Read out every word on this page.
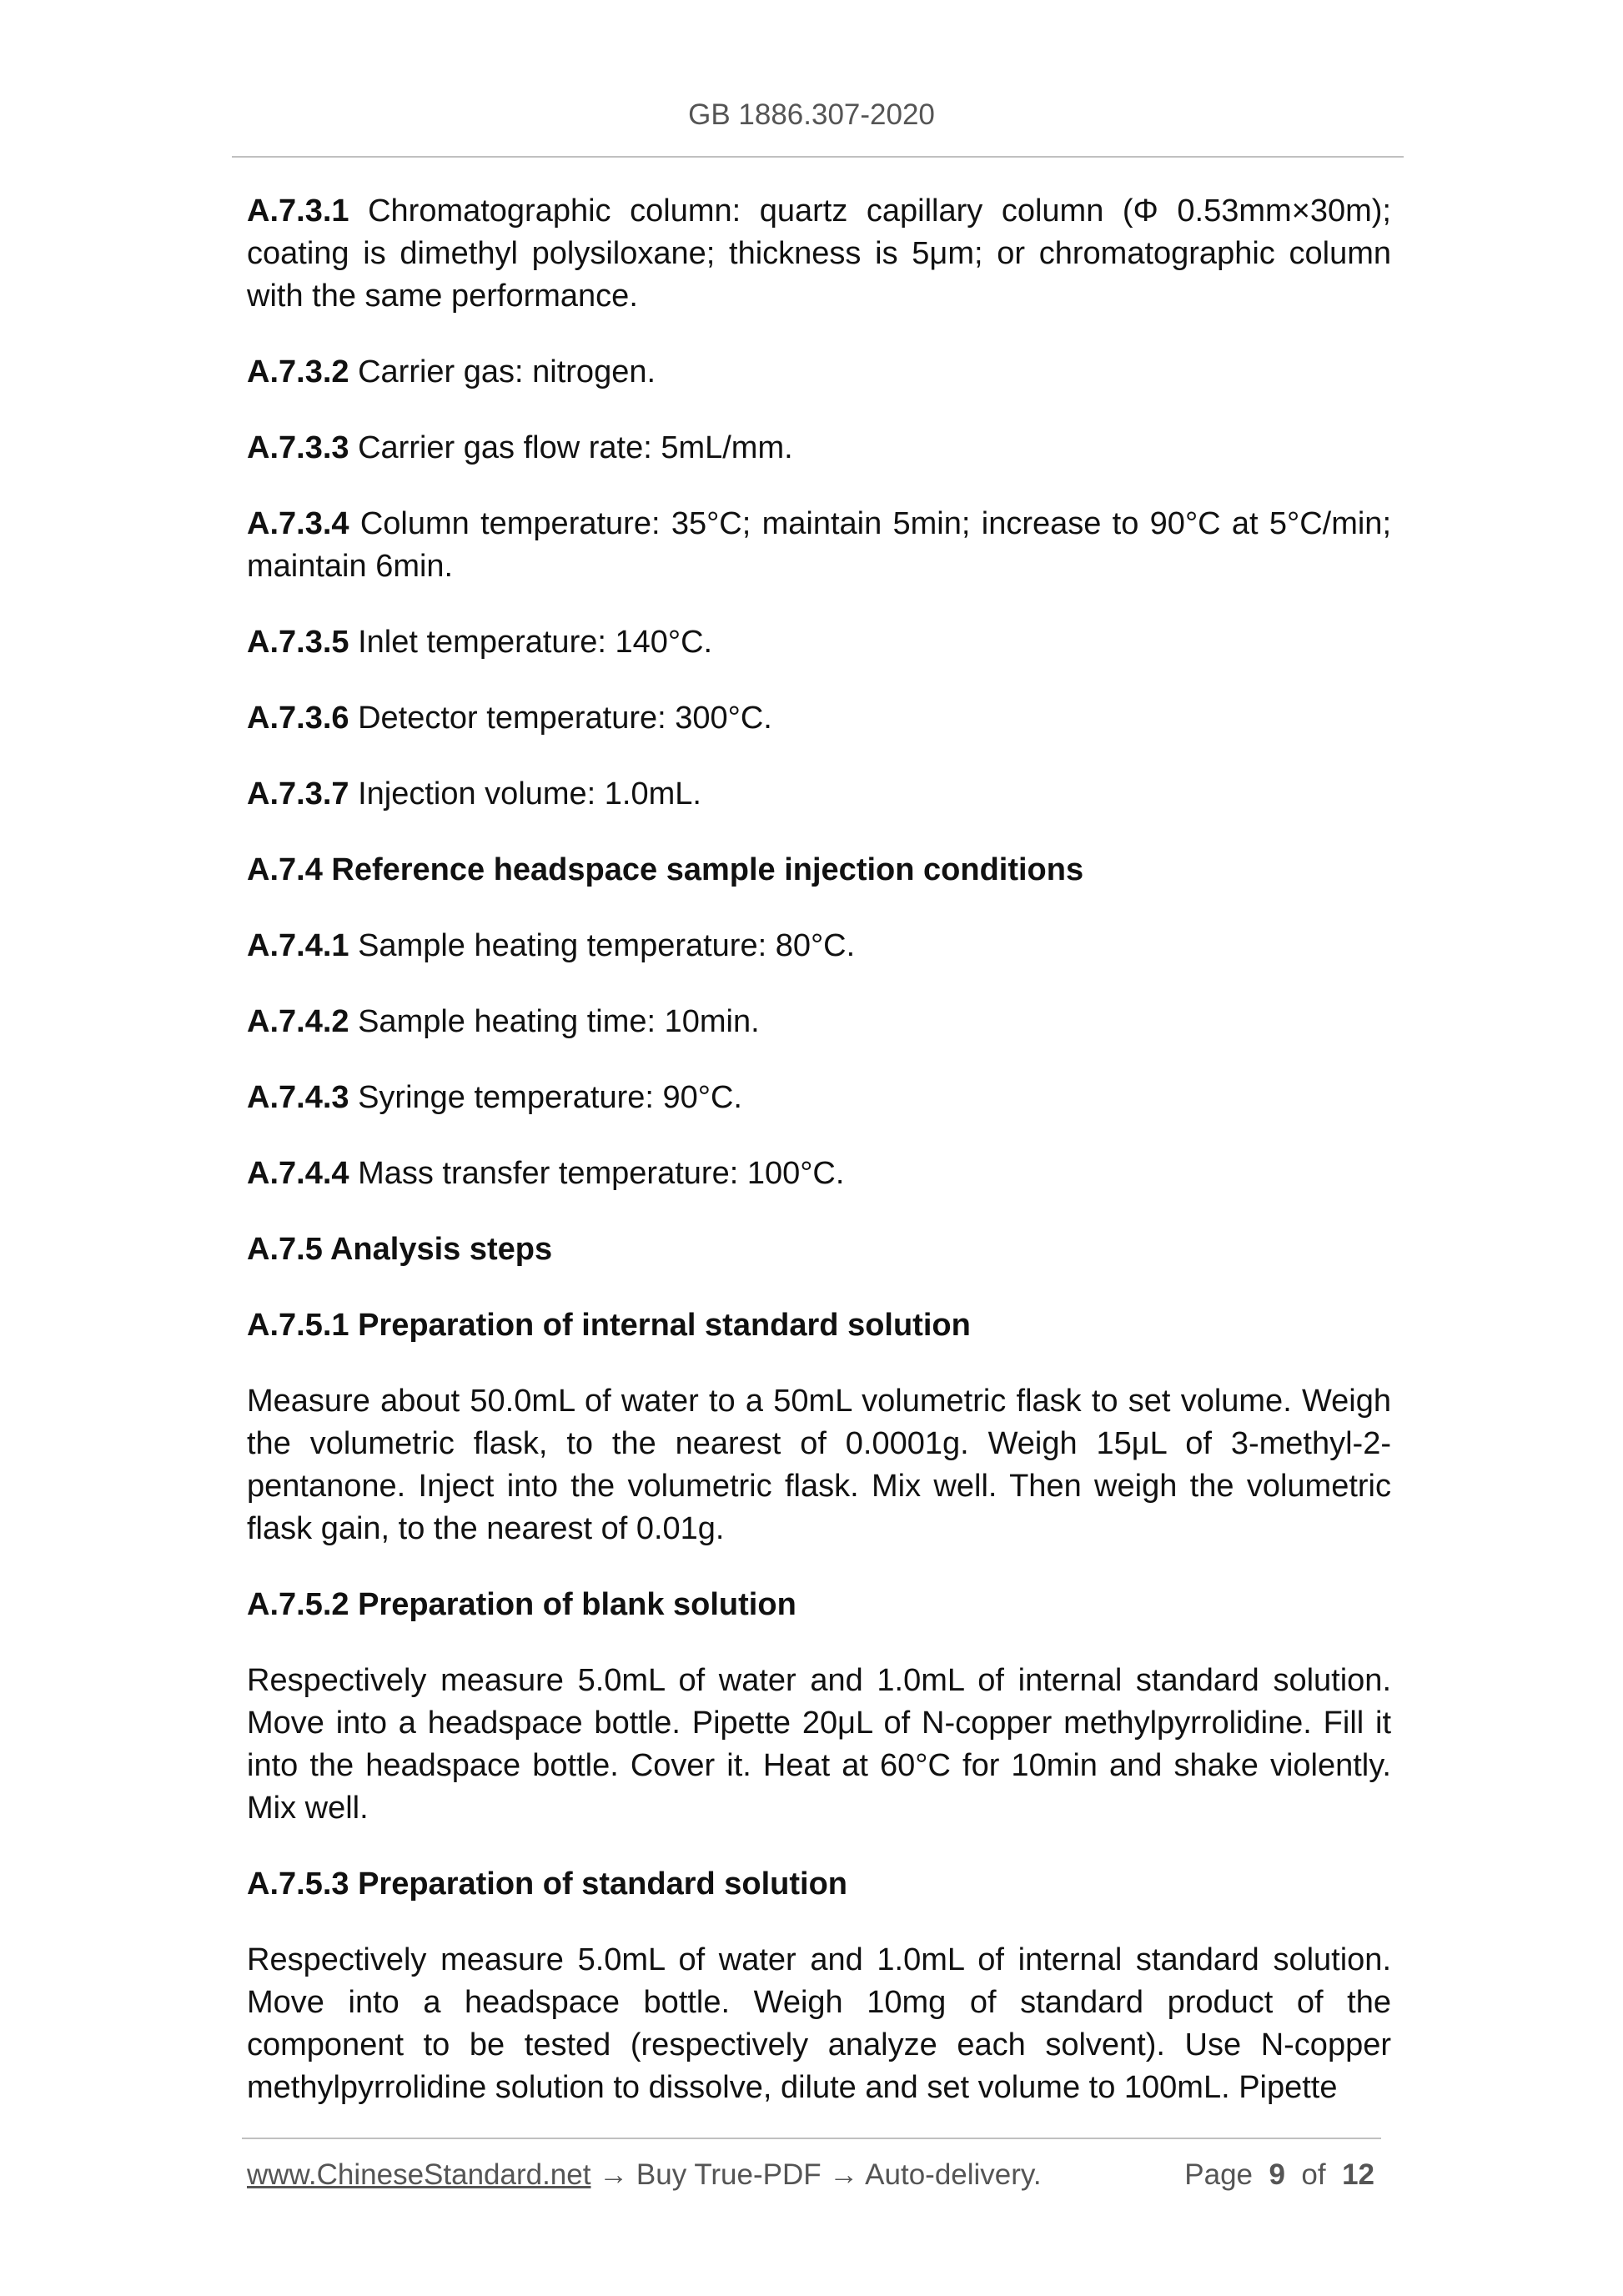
GB 1886.307-2020

A.7.3.1 Chromatographic column: quartz capillary column (Φ 0.53mm×30m); coating is dimethyl polysiloxane; thickness is 5μm; or chromatographic column with the same performance.

A.7.3.2 Carrier gas: nitrogen.

A.7.3.3 Carrier gas flow rate: 5mL/mm.

A.7.3.4 Column temperature: 35°C; maintain 5min; increase to 90°C at 5°C/min; maintain 6min.

A.7.3.5 Inlet temperature: 140°C.

A.7.3.6 Detector temperature: 300°C.

A.7.3.7 Injection volume: 1.0mL.

A.7.4 Reference headspace sample injection conditions

A.7.4.1 Sample heating temperature: 80°C.

A.7.4.2 Sample heating time: 10min.

A.7.4.3 Syringe temperature: 90°C.

A.7.4.4 Mass transfer temperature: 100°C.

A.7.5 Analysis steps

A.7.5.1 Preparation of internal standard solution

Measure about 50.0mL of water to a 50mL volumetric flask to set volume. Weigh the volumetric flask, to the nearest of 0.0001g. Weigh 15μL of 3-methyl-2-pentanone. Inject into the volumetric flask. Mix well. Then weigh the volumetric flask gain, to the nearest of 0.01g.

A.7.5.2 Preparation of blank solution

Respectively measure 5.0mL of water and 1.0mL of internal standard solution. Move into a headspace bottle. Pipette 20μL of N-copper methylpyrrolidine. Fill it into the headspace bottle. Cover it. Heat at 60°C for 10min and shake violently. Mix well.

A.7.5.3 Preparation of standard solution

Respectively measure 5.0mL of water and 1.0mL of internal standard solution. Move into a headspace bottle. Weigh 10mg of standard product of the component to be tested (respectively analyze each solvent). Use N-copper methylpyrrolidine solution to dissolve, dilute and set volume to 100mL. Pipette

www.ChineseStandard.net → Buy True-PDF → Auto-delivery.	Page 9 of 12
